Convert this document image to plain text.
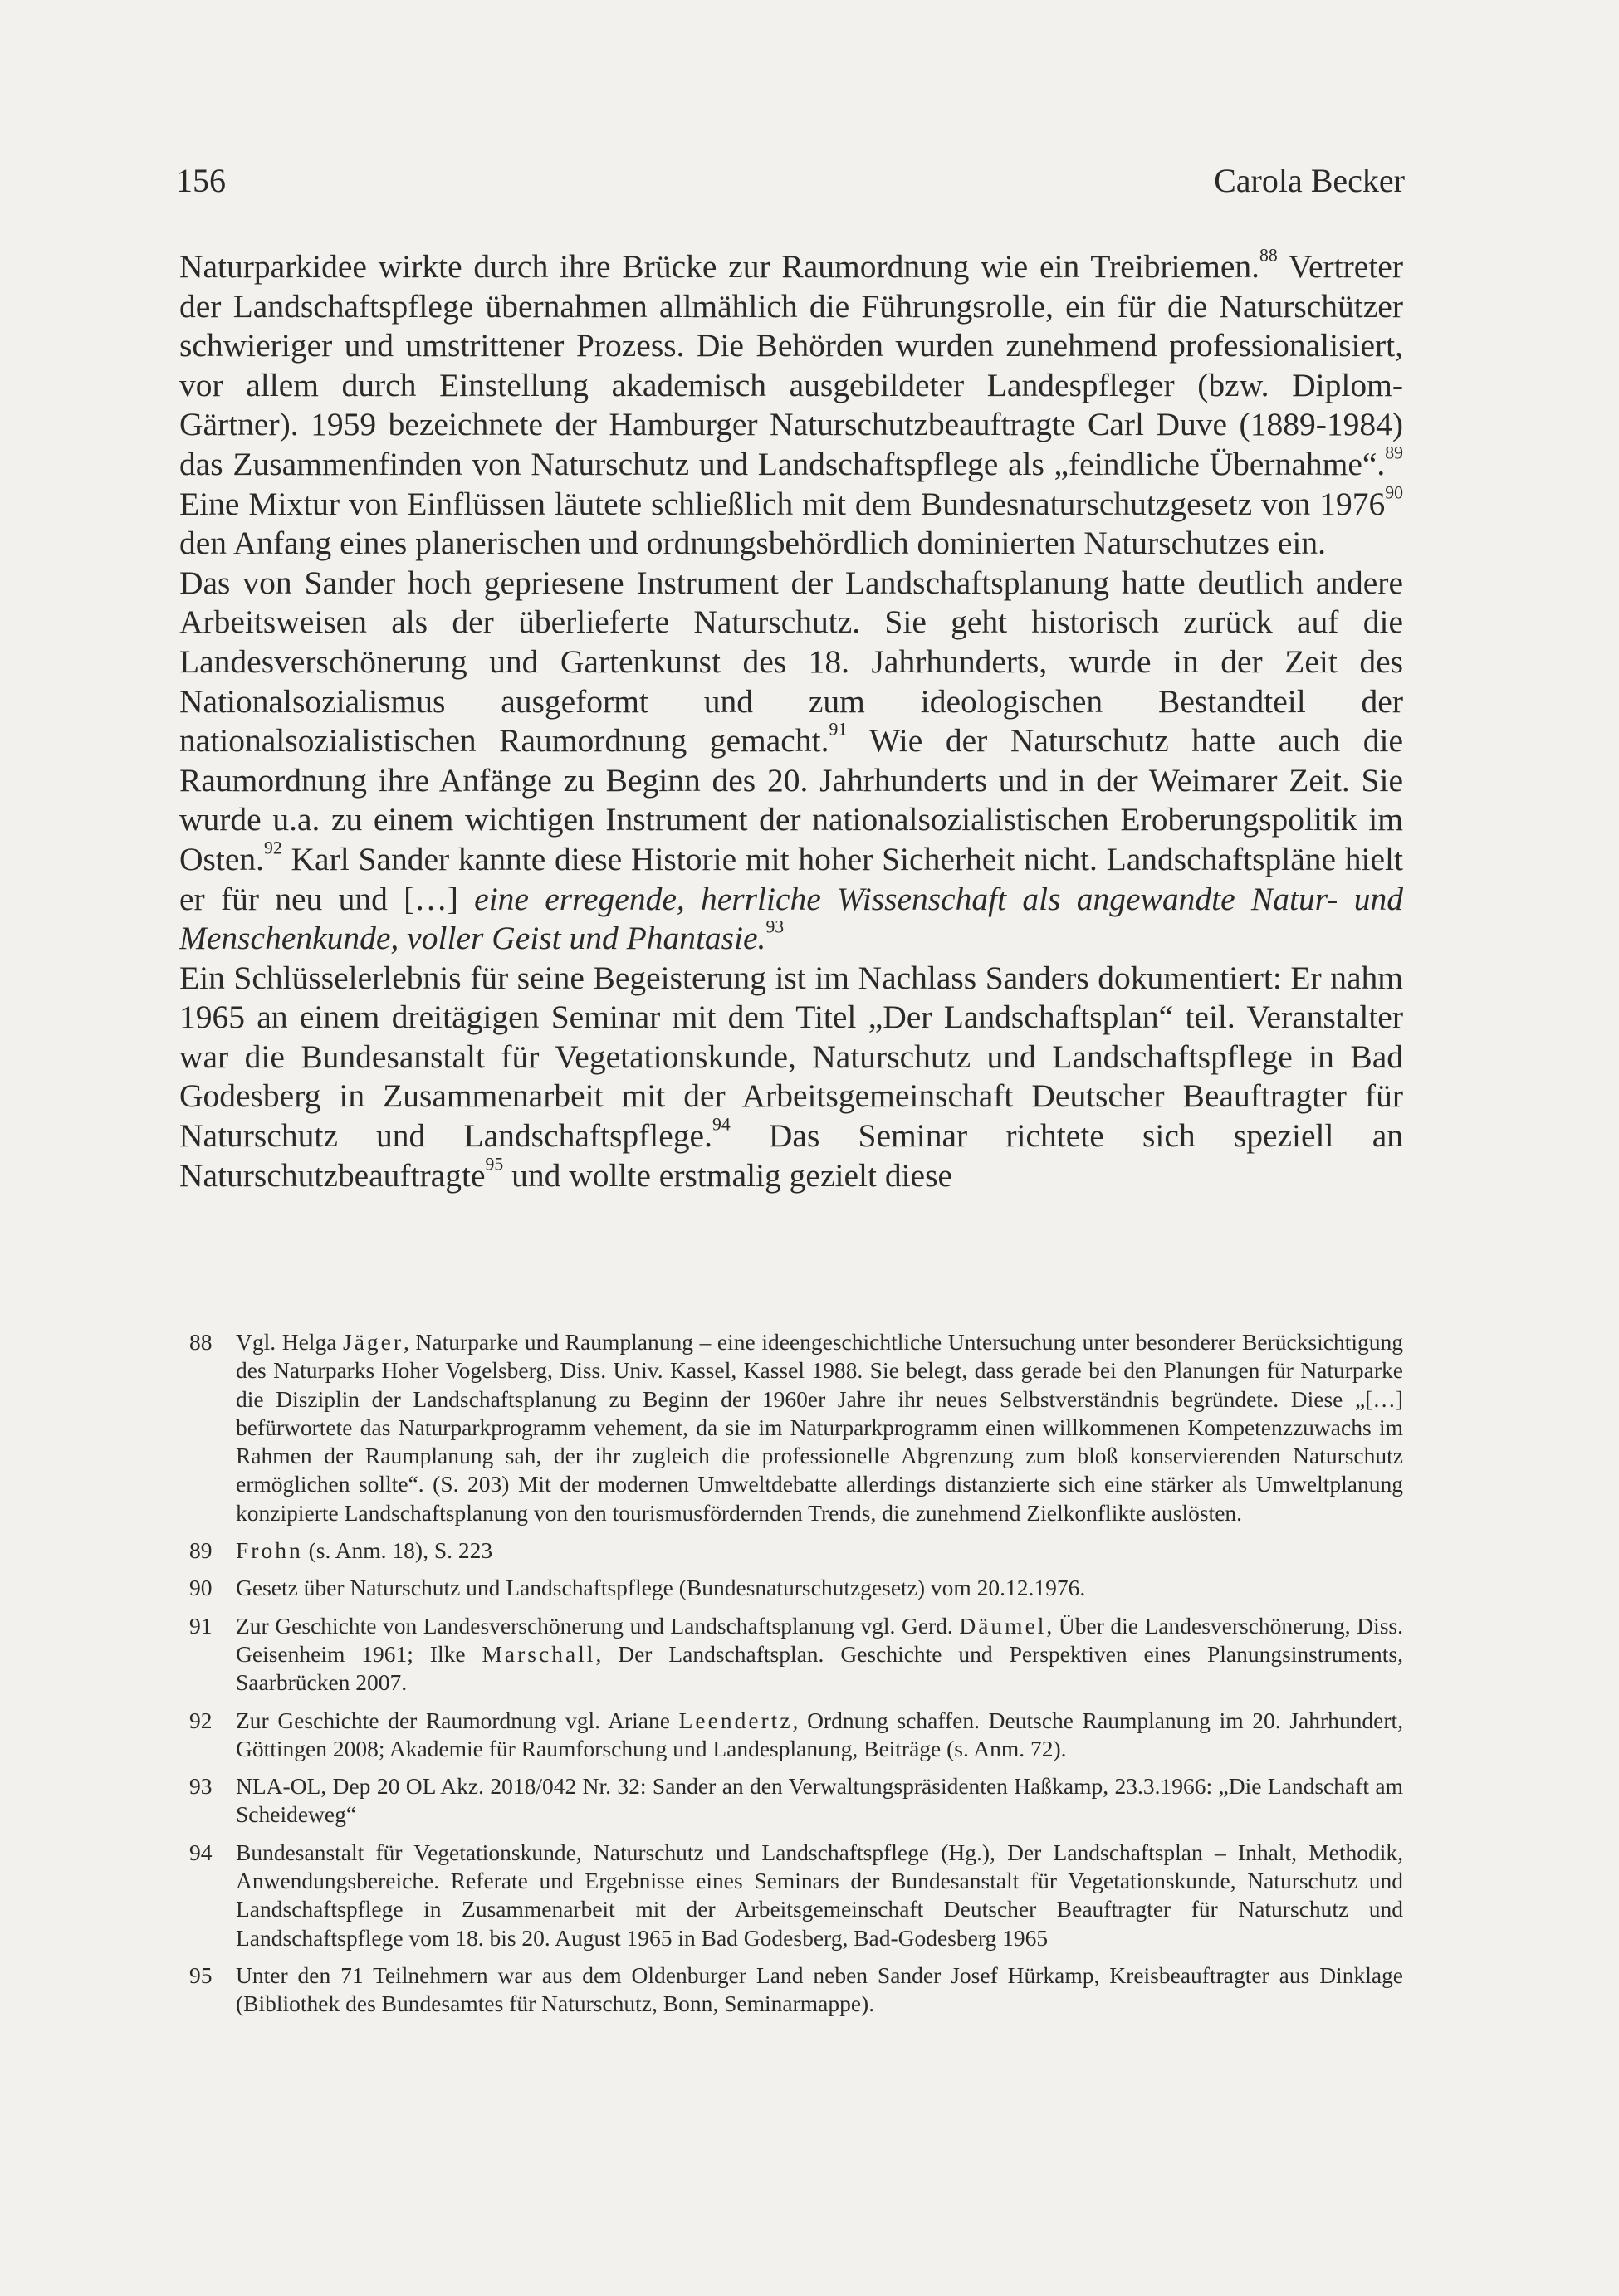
156	Carola Becker

Naturparkidee wirkte durch ihre Brücke zur Raumordnung wie ein Treibriemen.$^{88}$ Vertreter der Landschaftspflege übernahmen allmählich die Führungsrolle, ein für die Naturschützer schwieriger und umstrittener Prozess. Die Behörden wurden zunehmend professionalisiert, vor allem durch Einstellung akademisch ausgebildeter Landespfleger (bzw. Diplom-Gärtner). 1959 bezeichnete der Hamburger Naturschutzbeauftragte Carl Duve (1889-1984) das Zusammenfinden von Naturschutz und Landschaftspflege als „feindliche Übernahme“.$^{89}$ Eine Mixtur von Einflüssen läutete schließlich mit dem Bundesnaturschutzgesetz von 1976$^{90}$ den Anfang eines planerischen und ordnungsbehördlich dominierten Naturschutzes ein.

Das von Sander hoch gepriesene Instrument der Landschaftsplanung hatte deutlich andere Arbeitsweisen als der überlieferte Naturschutz. Sie geht historisch zurück auf die Landesverschönerung und Gartenkunst des 18. Jahrhunderts, wurde in der Zeit des Nationalsozialismus ausgeformt und zum ideologischen Bestandteil der nationalsozialistischen Raumordnung gemacht.$^{91}$ Wie der Naturschutz hatte auch die Raumordnung ihre Anfänge zu Beginn des 20. Jahrhunderts und in der Weimarer Zeit. Sie wurde u.a. zu einem wichtigen Instrument der nationalsozialistischen Eroberungspolitik im Osten.$^{92}$ Karl Sander kannte diese Historie mit hoher Sicherheit nicht. Landschaftspläne hielt er für neu und […] eine erregende, herrliche Wissenschaft als angewandte Natur- und Menschenkunde, voller Geist und Phantasie.$^{93}$

Ein Schlüsselerlebnis für seine Begeisterung ist im Nachlass Sanders dokumentiert: Er nahm 1965 an einem dreitägigen Seminar mit dem Titel „Der Landschaftsplan“ teil. Veranstalter war die Bundesanstalt für Vegetationskunde, Naturschutz und Landschaftspflege in Bad Godesberg in Zusammenarbeit mit der Arbeitsgemeinschaft Deutscher Beauftragter für Naturschutz und Landschaftspflege.$^{94}$ Das Seminar richtete sich speziell an Naturschutzbeauftragte$^{95}$ und wollte erstmalig gezielt diese

88	Vgl. Helga Jäger, Naturparke und Raumplanung – eine ideengeschichtliche Untersuchung unter besonderer Berücksichtigung des Naturparks Hoher Vogelsberg, Diss. Univ. Kassel, Kassel 1988. Sie belegt, dass gerade bei den Planungen für Naturparke die Disziplin der Landschaftsplanung zu Beginn der 1960er Jahre ihr neues Selbstverständnis begründete. Diese „[…] befürwortete das Naturparkprogramm vehement, da sie im Naturparkprogramm einen willkommenen Kompetenzzuwachs im Rahmen der Raumplanung sah, der ihr zugleich die professionelle Abgrenzung zum bloß konservierenden Naturschutz ermöglichen sollte“. (S. 203) Mit der modernen Umweltdebatte allerdings distanzierte sich eine stärker als Umweltplanung konzipierte Landschaftsplanung von den tourismusfördernden Trends, die zunehmend Zielkonflikte auslösten.
89	Frohn (s. Anm. 18), S. 223
90	Gesetz über Naturschutz und Landschaftspflege (Bundesnaturschutzgesetz) vom 20.12.1976.
91	Zur Geschichte von Landesverschönerung und Landschaftsplanung vgl. Gerd. Däumel, Über die Landesverschönerung, Diss. Geisenheim 1961; Ilke Marschall, Der Landschaftsplan. Geschichte und Perspektiven eines Planungsinstruments, Saarbrücken 2007.
92	Zur Geschichte der Raumordnung vgl. Ariane Leendertz, Ordnung schaffen. Deutsche Raumplanung im 20. Jahrhundert, Göttingen 2008; Akademie für Raumforschung und Landesplanung, Beiträge (s. Anm. 72).
93	NLA-OL, Dep 20 OL Akz. 2018/042 Nr. 32: Sander an den Verwaltungspräsidenten Haßkamp, 23.3.1966: „Die Landschaft am Scheideweg“
94	Bundesanstalt für Vegetationskunde, Naturschutz und Landschaftspflege (Hg.), Der Landschaftsplan – Inhalt, Methodik, Anwendungsbereiche. Referate und Ergebnisse eines Seminars der Bundesanstalt für Vegetationskunde, Naturschutz und Landschaftspflege in Zusammenarbeit mit der Arbeitsgemeinschaft Deutscher Beauftragter für Naturschutz und Landschaftspflege vom 18. bis 20. August 1965 in Bad Godesberg, Bad-Godesberg 1965
95	Unter den 71 Teilnehmern war aus dem Oldenburger Land neben Sander Josef Hürkamp, Kreisbeauftragter aus Dinklage (Bibliothek des Bundesamtes für Naturschutz, Bonn, Seminarmappe).
